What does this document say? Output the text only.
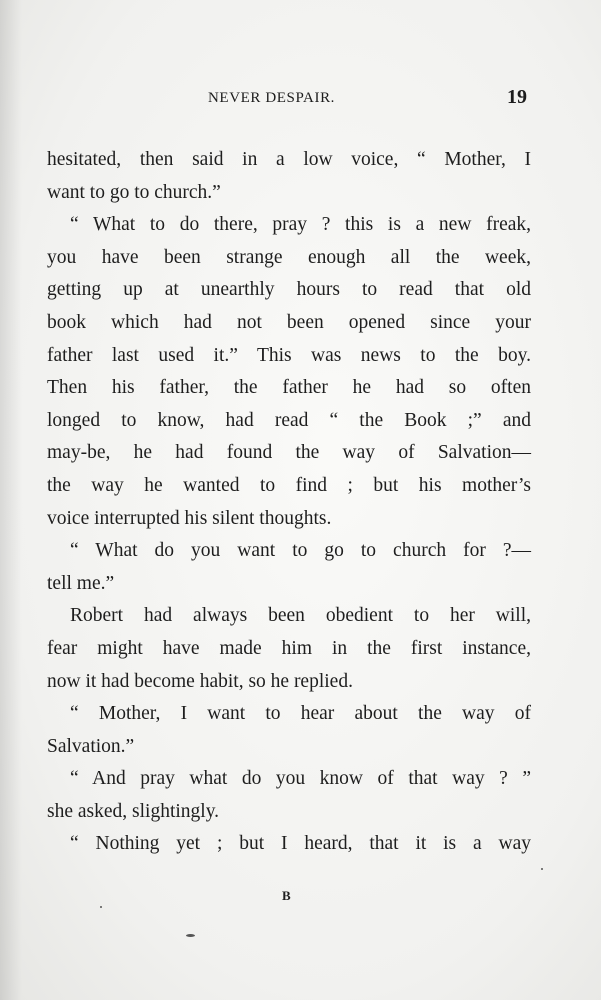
NEVER DESPAIR.	19
hesitated, then said in a low voice, “ Mother, I
want to go to church.”
“ What to do there, pray ? this is a new freak,
you have been strange enough all the week,
getting up at unearthly hours to read that old
book which had not been opened since your
father last used it.” This was news to the boy.
Then his father, the father he had so often
longed to know, had read “ the Book ;” and
may-be, he had found the way of Salvation—
the way he wanted to find ; but his mother’s
voice interrupted his silent thoughts.
“ What do you want to go to church for ?—
tell me.”
Robert had always been obedient to her will,
fear might have made him in the first instance,
now it had become habit, so he replied.
“ Mother, I want to hear about the way of
Salvation.”
“ And pray what do you know of that way ? ”
she asked, slightingly.
“ Nothing yet ; but I heard, that it is a way
B
